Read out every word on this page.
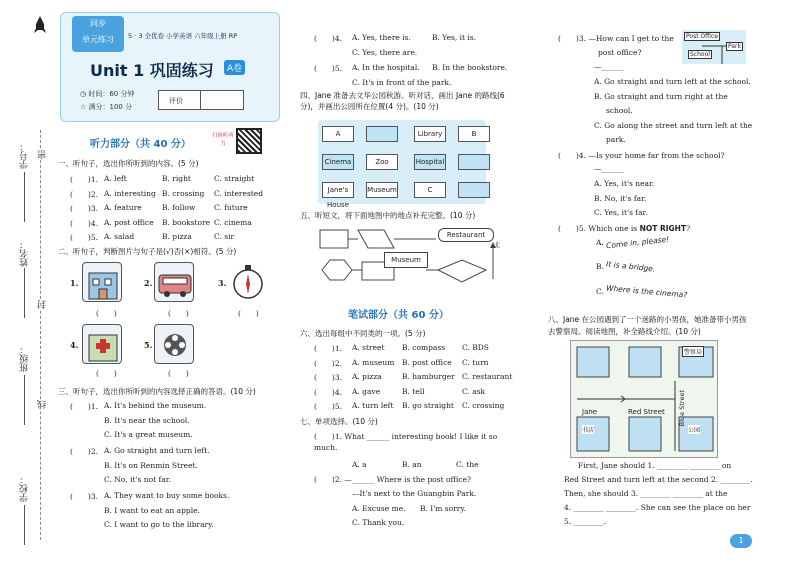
密
封
线
学号：
姓名：
班级：
学校：
同步
单元练习	5 · 3 全优卷 小学英语 六年级上册 RP
Unit 1 巩固练习	A卷
◷ 时间：60 分钟
☆ 满分：100 分
评价
听力部分（共 40 分）
扫码听听力
一、听句子，选出你所听到的内容。(5 分)
(　　)1. A. left	B. right	C. straight
(　　)2. A. interesting B. crossing C. interested
(　　)3. A. feature	B. follow C. future
(　　)4. A. post office B. bookstore C. cinema
(　　)5. A. salad	B. pizza	C. sir
二、听句子，判断图片与句子是(√)否(×)相符。(5 分)
1.	2.	3.
(　　)	(　　)	(　　)
4.	5.
(　　)	(　　)
三、听句子，选出你所听到的内容选择正确的答语。(10 分)
(　　)1. A. It's behind the museum.
B. It's near the school.
C. It's a great museum.
(　　)2. A. Go straight and turn left.
B. It's on Renmin Street.
C. No, it's not far.
(　　)3. A. They want to buy some books.
B. I want to eat an apple.
C. I want to go to the library.
(　　)4. A. Yes, there is.	B. Yes, it is.
C. Yes, there are.
(　　)5. A. In the hospital. B. In the bookstore.
C. It's in front of the park.
四、Jane 准备去文华公园秋游。听对话，画出 Jane 的路线(6 分)，并画出公园所在位置(4 分)。(10 分)
A	Library	B
Cinema	Zoo	Hospital
Jane's House
Museum	C
五、听短文，将下面地图中的地点补充完整。(10 分)
Restaurant
Museum
北
笔试部分（共 60 分）
六、选出每组中不同类的一项。(5 分)
(　　)1. A. street B. compass C. BDS
(　　)2. A. museum B. post office C. turn
(　　)3. A. pizza	B. hamburger C. restaurant
(　　)4. A. gave	B. tell	C. ask
(　　)5. A. turn left B. go straight C. crossing
七、单项选择。(10 分)
(　　)1. What ______ interesting book! I like it so much.
A. a	B. an	C. the
(　　)2. —______ Where is the post office?
—It's next to the Guangbin Park.
A. Excuse me. B. I'm sorry.
C. Thank you.
(　　)3. —How can I get to the
post office?
—______
Post Office
Park
School
A. Go straight and turn left at the school.
B. Go straight and turn right at the
school.
C. Go along the street and turn left at the
park.
(　　)4. —Is your home far from the school?
—______
A. Yes, it's near.
B. No, it's far.
C. Yes, it's far.
(　　)5. Which one is NOT RIGHT?
A. Come in, please!
B. It is a bridge.
C. Where is the cinema?
八、Jane 在公园遇到了一个迷路的小男孩，她准备带小男孩去警察局。阅读地图，补全路线介绍。(10 分)
警察局
Jane	Red Street Blue Street
书店	公园
First, Jane should 1. ________ ________ on
Red Street and turn left at the second 2. ________.
Then, she should 3. ________ ________ at the
4. ________ ________. She can see the place on her
5. ________.
1
